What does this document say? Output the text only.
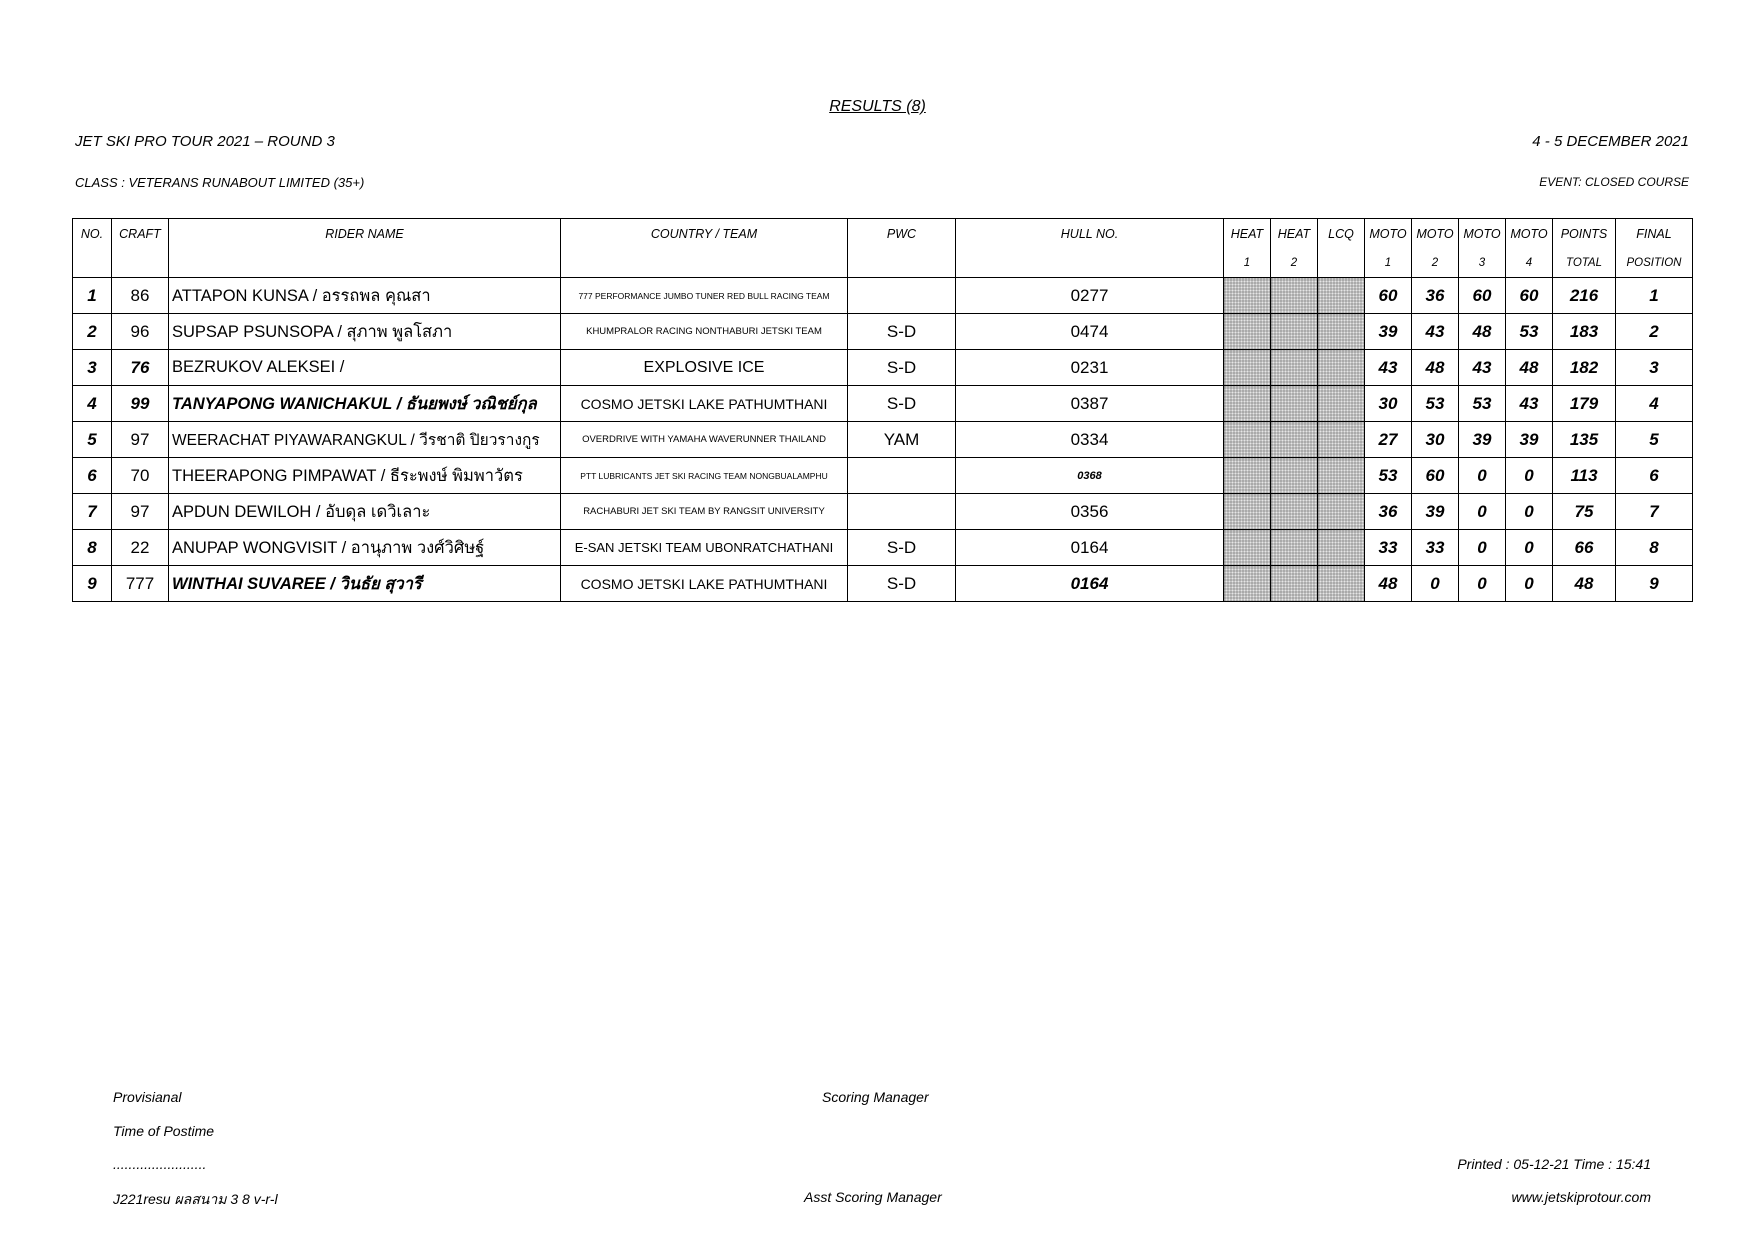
RESULTS (8)
JET SKI PRO TOUR 2021 – ROUND 3	4 - 5 DECEMBER 2021
CLASS : VETERANS RUNABOUT LIMITED (35+)	EVENT: CLOSED COURSE
NO.	CRAFT	RIDER NAME	COUNTRY / TEAM	PWC	HULL NO.	HEAT	HEAT	LCQ	MOTO	MOTO	MOTO	MOTO	POINTS	FINAL
						1	2		1	2	3	4	TOTAL	POSITION
1	86	ATTAPON KUNSA / อรรถพล คุณสา	777 PERFORMANCE JUMBO TUNER RED BULL RACING TEAM		0277				60	36	60	60	216	1
2	96	SUPSAP PSUNSOPA / สุภาพ พูลโสภา	KHUMPRALOR RACING NONTHABURI JETSKI TEAM	S-D	0474				39	43	48	53	183	2
3	76	BEZRUKOV ALEKSEI /	EXPLOSIVE ICE	S-D	0231				43	48	43	48	182	3
4	99	TANYAPONG WANICHAKUL / ธันยพงษ์ วณิชย์กุล	COSMO JETSKI LAKE PATHUMTHANI	S-D	0387				30	53	53	43	179	4
5	97	WEERACHAT PIYAWARANGKUL / วีรชาติ ปิยวรางกูร	OVERDRIVE WITH YAMAHA WAVERUNNER THAILAND	YAM	0334				27	30	39	39	135	5
6	70	THEERAPONG PIMPAWAT / ธีระพงษ์ พิมพาวัตร	PTT LUBRICANTS JET SKI RACING TEAM NONGBUALAMPHU		0368				53	60	0	0	113	6
7	97	APDUN DEWILOH / อับดุล เดวิเลาะ	RACHABURI JET SKI TEAM BY RANGSIT UNIVERSITY		0356				36	39	0	0	75	7
8	22	ANUPAP WONGVISIT / อานุภาพ วงศ์วิศิษฐ์	E-SAN JETSKI TEAM UBONRATCHATHANI	S-D	0164				33	33	0	0	66	8
9	777	WINTHAI SUVAREE / วินธัย สุวารี	COSMO JETSKI LAKE PATHUMTHANI	S-D	0164				48	0	0	0	48	9
Provisianal
Time of Postime
........................
J221resu ผลสนาม 3 8 v-r-l
Scoring Manager
Asst Scoring Manager
Printed : 05-12-21 Time : 15:41
www.jetskiprotour.com
